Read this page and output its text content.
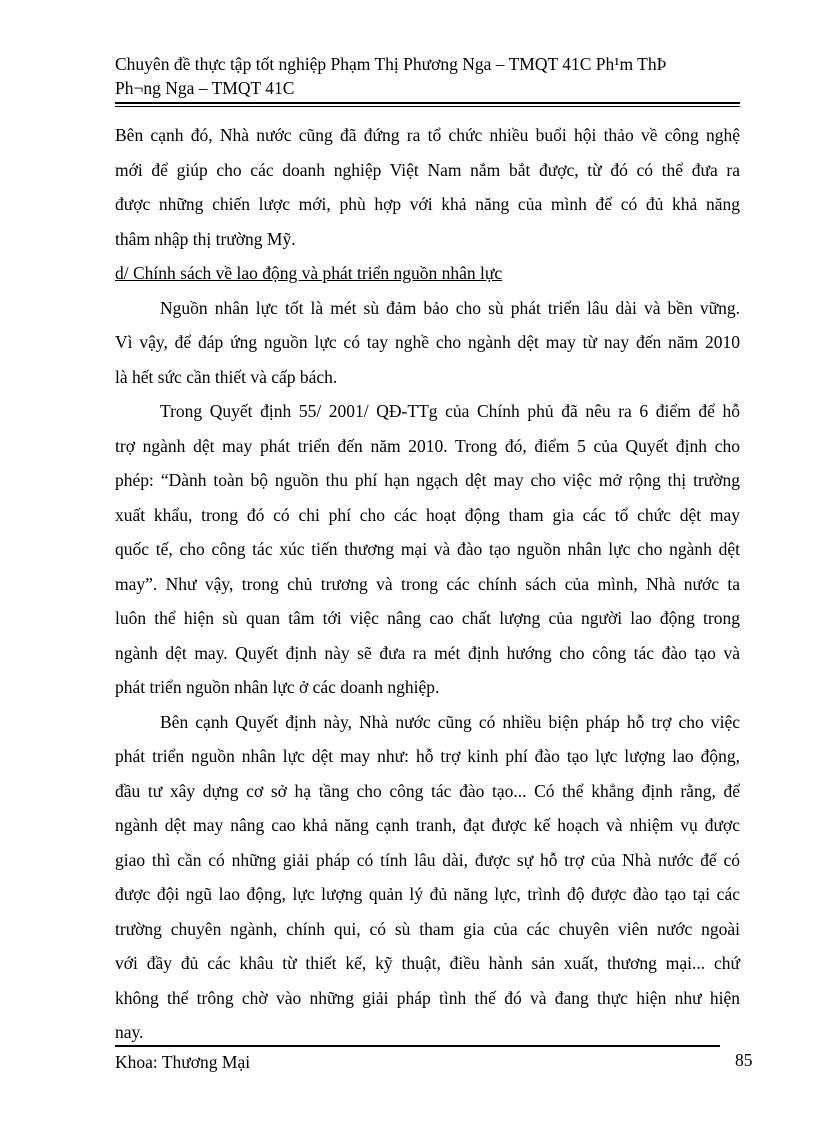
Chuyên đề thực tập tốt nghiệp Phạm Thị Phương Nga – TMQT 41C Ph¹m ThÞ
Ph¬ng Nga – TMQT 41C
Bên cạnh đó, Nhà nước cũng đã đứng ra tổ chức nhiều buổi hội thảo về công nghệ
mới để giúp cho các doanh nghiệp Việt Nam nắm bắt được, từ đó có thể đưa ra
được những chiến lược mới, phù hợp với khả năng của mình để có đủ khả năng
thâm nhập thị trường Mỹ.
d/ Chính sách về lao động và phát triển nguồn nhân lực
Nguồn nhân lực tốt là mét sù đảm bảo cho sù phát triển lâu dài và bền vững.
Vì vậy, để đáp ứng nguồn lực có tay nghề cho ngành dệt may từ nay đến năm 2010
là hết sức cần thiết và cấp bách.
Trong Quyết định 55/ 2001/ QĐ-TTg của Chính phủ đã nêu ra 6 điểm để hỗ
trợ ngành dệt may phát triển đến năm 2010. Trong đó, điểm 5 của Quyết định cho
phép: “Dành toàn bộ nguồn thu phí hạn ngạch dệt may cho việc mở rộng thị trường
xuất khẩu, trong đó có chi phí cho các hoạt động tham gia các tổ chức dệt may
quốc tế, cho công tác xúc tiến thương mại và đào tạo nguồn nhân lực cho ngành dệt
may”. Như vậy, trong chủ trương và trong các chính sách của mình, Nhà nước ta
luôn thể hiện sù quan tâm tới việc nâng cao chất lượng của người lao động trong
ngành dệt may. Quyết định này sẽ đưa ra mét định hướng cho công tác đào tạo và
phát triển nguồn nhân lực ở các doanh nghiệp.
Bên cạnh Quyết định này, Nhà nước cũng có nhiều biện pháp hỗ trợ cho việc
phát triển nguồn nhân lực dệt may như: hỗ trợ kinh phí đào tạo lực lượng lao động,
đầu tư xây dựng cơ sở hạ tầng cho công tác đào tạo... Có thể khẳng định rằng, để
ngành dệt may nâng cao khả năng cạnh tranh, đạt được kế hoạch và nhiệm vụ được
giao thì cần có những giải pháp có tính lâu dài, được sự hỗ trợ của Nhà nước để có
được đội ngũ lao động, lực lượng quản lý đủ năng lực, trình độ được đào tạo tại các
trường chuyên ngành, chính qui, có sù tham gia của các chuyên viên nước ngoài
với đầy đủ các khâu từ thiết kế, kỹ thuật, điều hành sản xuất, thương mại... chứ
không thể trông chờ vào những giải pháp tình thế đó và đang thực hiện như hiện
nay.
Khoa: Thương Mại	85
